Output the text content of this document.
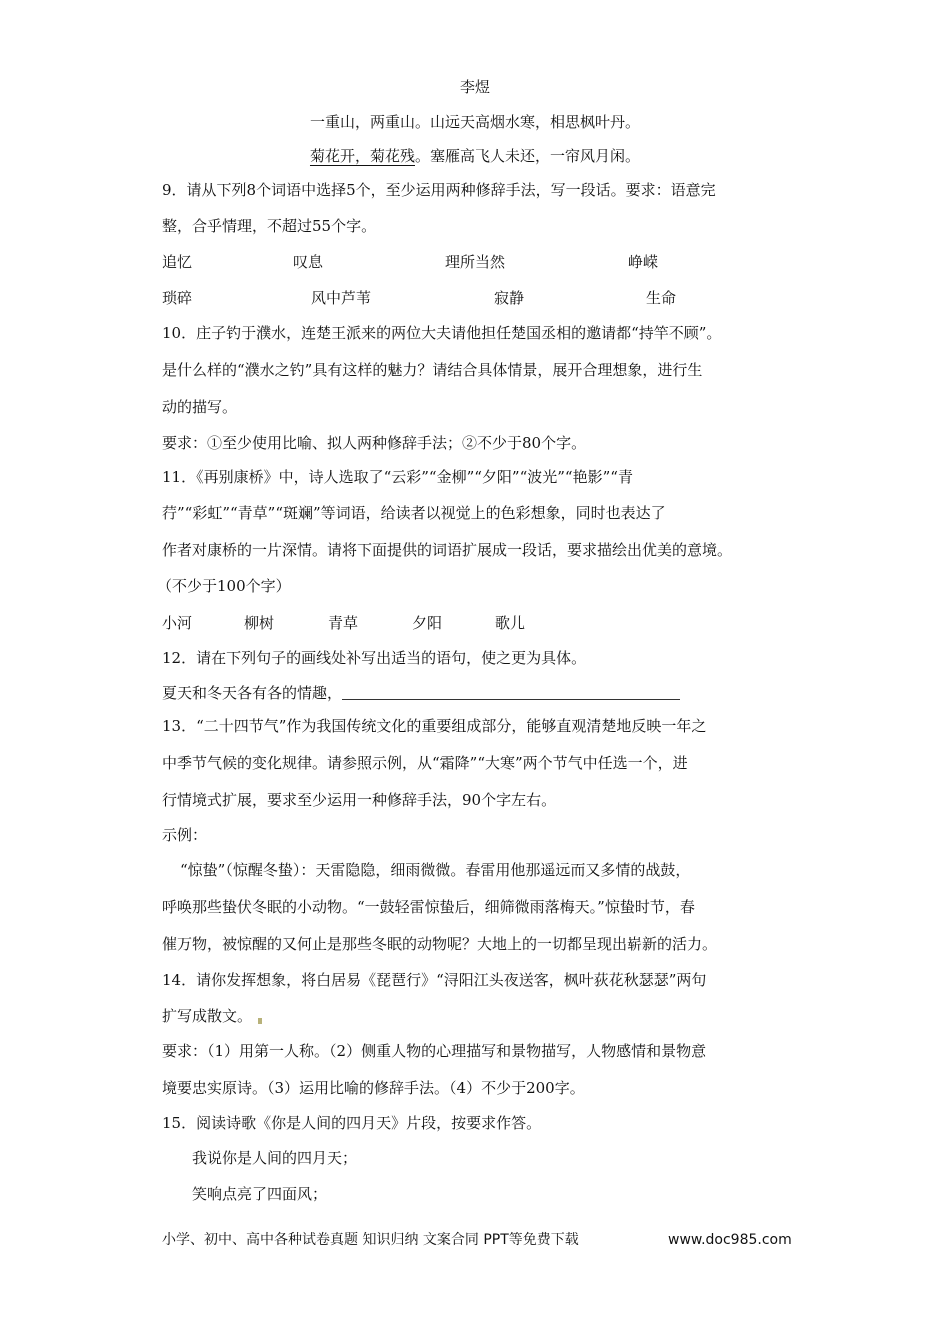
李煜
一重山，两重山。山远天高烟水寒，相思枫叶丹。
菊花开，菊花残。塞雁高飞人未还，一帘风月闲。
9．请从下列8个词语中选择5个，至少运用两种修辞手法，写一段话。要求：语意完
整，合乎情理，不超过55个字。
追忆	叹息	理所当然	峥嵘
琐碎	风中芦苇	寂静	生命
10．庄子钓于濮水，连楚王派来的两位大夫请他担任楚国丞相的邀请都“持竿不顾”。
是什么样的“濮水之钓”具有这样的魅力？请结合具体情景，展开合理想象，进行生
动的描写。
要求：①至少使用比喻、拟人两种修辞手法；②不少于80个字。
11．《再别康桥》中，诗人选取了“云彩”“金柳”“夕阳”“波光”“艳影”“青
荇”“彩虹”“青草”“斑斓”等词语，给读者以视觉上的色彩想象，同时也表达了
作者对康桥的一片深情。请将下面提供的词语扩展成一段话，要求描绘出优美的意境。
（不少于100个字）
小河	柳树	青草	夕阳	歌儿
12．请在下列句子的画线处补写出适当的语句，使之更为具体。
夏天和冬天各有各的情趣，
13．“二十四节气”作为我国传统文化的重要组成部分，能够直观清楚地反映一年之
中季节气候的变化规律。请参照示例，从“霜降”“大寒”两个节气中任选一个，进
行情境式扩展，要求至少运用一种修辞手法，90个字左右。
示例：
“惊蛰”（惊醒冬蛰）：天雷隐隐，细雨微微。春雷用他那遥远而又多情的战鼓，
呼唤那些蛰伏冬眠的小动物。“一鼓轻雷惊蛰后，细筛微雨落梅天。”惊蛰时节，春
催万物，被惊醒的又何止是那些冬眠的动物呢？大地上的一切都呈现出崭新的活力。
14．请你发挥想象，将白居易《琵琶行》“浔阳江头夜送客，枫叶荻花秋瑟瑟”两句
扩写成散文。
要求：（1）用第一人称。（2）侧重人物的心理描写和景物描写，人物感情和景物意
境要忠实原诗。（3）运用比喻的修辞手法。（4）不少于200字。
15．阅读诗歌《你是人间的四月天》片段，按要求作答。
我说你是人间的四月天；
笑响点亮了四面风；
小学、初中、高中各种试卷真题 知识归纳 文案合同 PPT等免费下载	www.doc985.com
